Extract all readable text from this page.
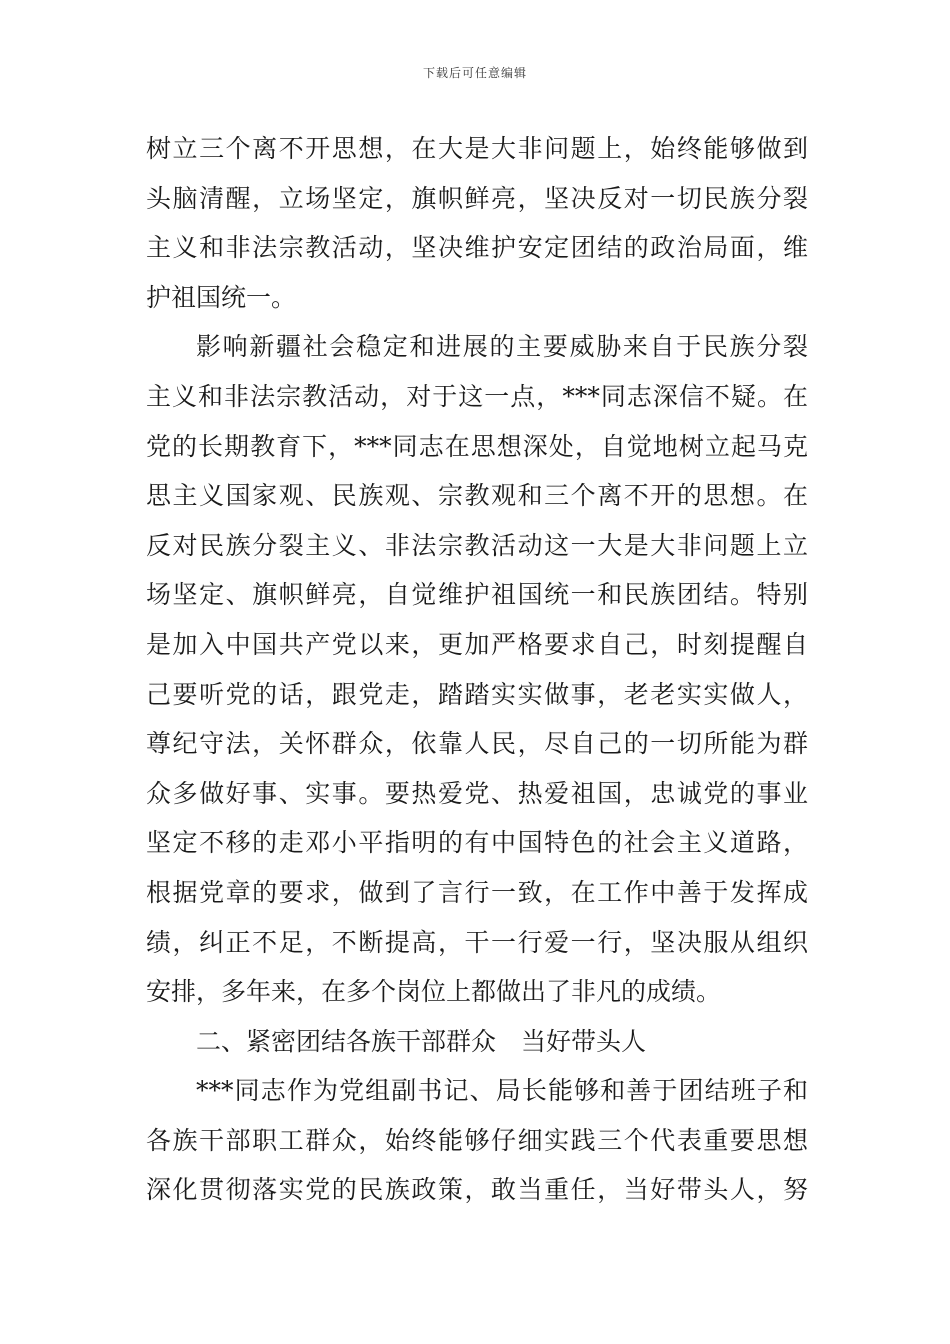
下载后可任意编辑
树立三个离不开思想，在大是大非问题上，始终能够做到
头脑清醒，立场坚定，旗帜鲜亮，坚决反对一切民族分裂
主义和非法宗教活动，坚决维护安定团结的政治局面，维
护祖国统一。
影响新疆社会稳定和进展的主要威胁来自于民族分裂
主义和非法宗教活动，对于这一点，***同志深信不疑。在
党的长期教育下，***同志在思想深处，自觉地树立起马克
思主义国家观、民族观、宗教观和三个离不开的思想。在
反对民族分裂主义、非法宗教活动这一大是大非问题上立
场坚定、旗帜鲜亮，自觉维护祖国统一和民族团结。特别
是加入中国共产党以来，更加严格要求自己，时刻提醒自
己要听党的话，跟党走，踏踏实实做事，老老实实做人，
尊纪守法，关怀群众，依靠人民，尽自己的一切所能为群
众多做好事、实事。要热爱党、热爱祖国，忠诚党的事业
坚定不移的走邓小平指明的有中国特色的社会主义道路，
根据党章的要求，做到了言行一致，在工作中善于发挥成
绩，纠正不足，不断提高，干一行爱一行，坚决服从组织
安排，多年来，在多个岗位上都做出了非凡的成绩。
二、紧密团结各族干部群众　当好带头人
***同志作为党组副书记、局长能够和善于团结班子和
各族干部职工群众，始终能够仔细实践三个代表重要思想
深化贯彻落实党的民族政策，敢当重任，当好带头人，努
